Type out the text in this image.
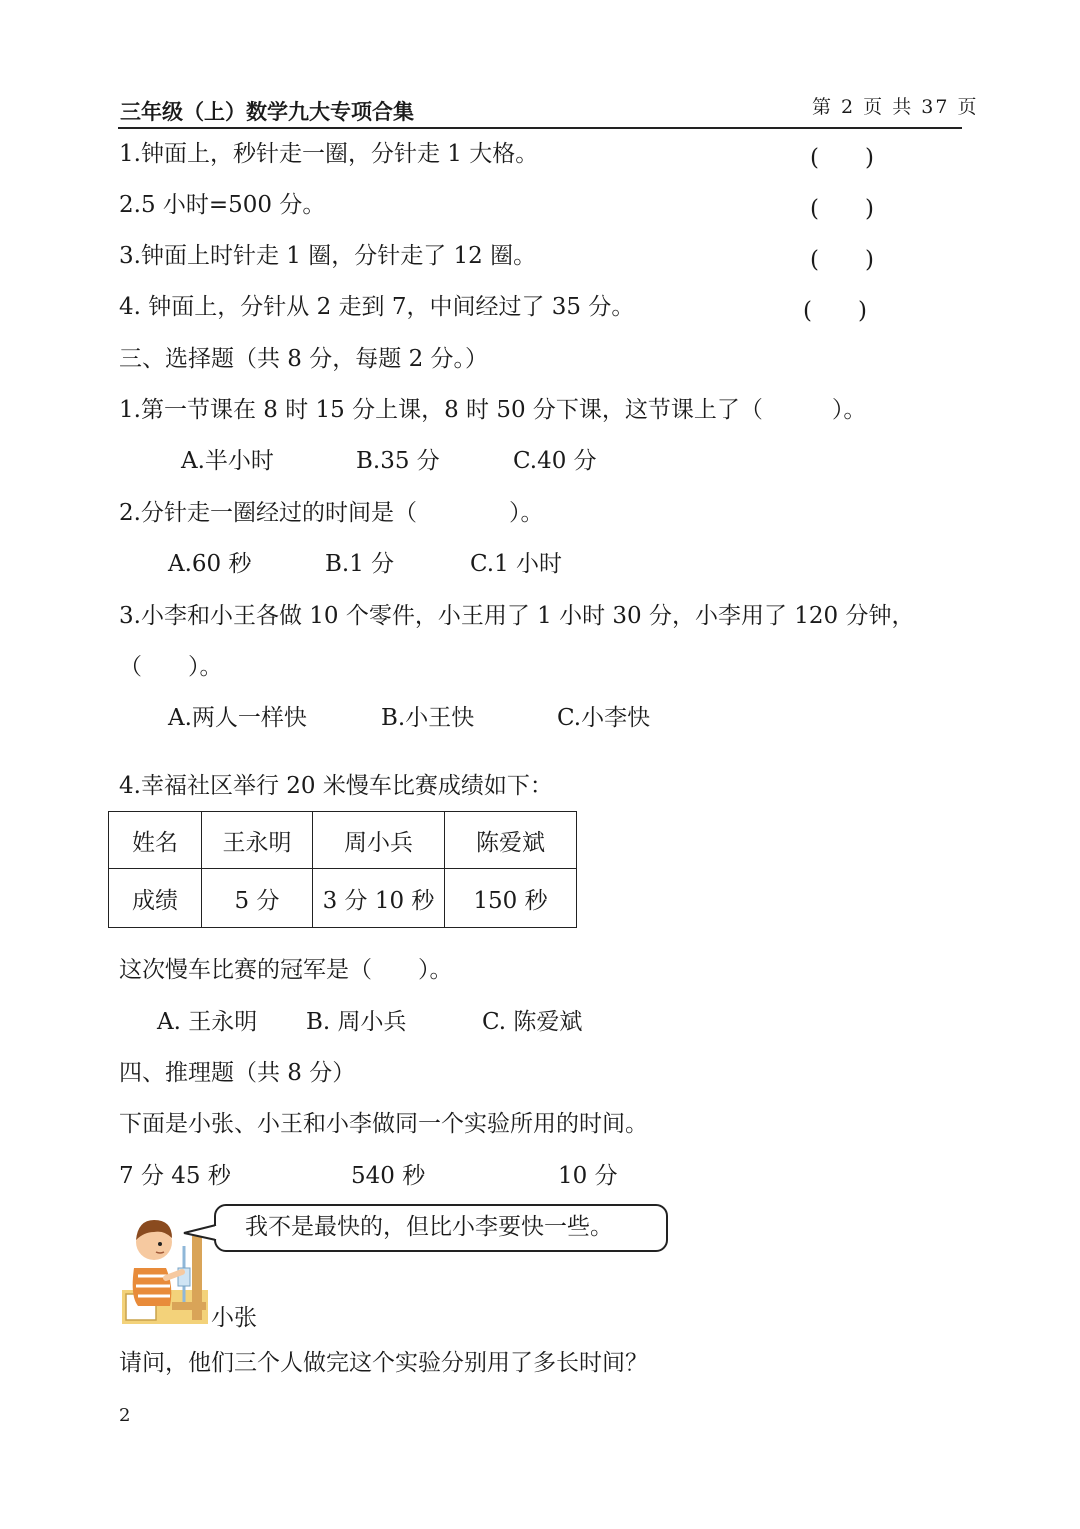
三年级（上）数学九大专项合集	第 2 页 共 37 页
1.钟面上，秒针走一圈，分针走 1 大格。	(　　)
2.5 小时=500 分。	(　　)
3.钟面上时针走 1 圈，分针走了 12 圈。	(　　)
4. 钟面上，分针从 2 走到 7，中间经过了 35 分。	(　　)
三、选择题（共 8 分，每题 2 分。）
1.第一节课在 8 时 15 分上课，8 时 50 分下课，这节课上了（　　　）。
A.半小时	B.35 分	C.40 分
2.分针走一圈经过的时间是（　　　　）。
A.60 秒	B.1 分	C.1 小时
3.小李和小王各做 10 个零件，小王用了 1 小时 30 分，小李用了 120 分钟，
（　　）。
A.两人一样快	B.小王快	C.小李快
4.幸福社区举行 20 米慢车比赛成绩如下：
姓名	王永明	周小兵	陈爱斌
成绩	5 分	3 分 10 秒	150 秒
这次慢车比赛的冠军是（　　）。
A. 王永明 B. 周小兵	C. 陈爱斌
四、推理题（共 8 分）
下面是小张、小王和小李做同一个实验所用的时间。
7 分 45 秒	540 秒	10 分
我不是最快的，但比小李要快一些。
小张
请问，他们三个人做完这个实验分别用了多长时间？
2
